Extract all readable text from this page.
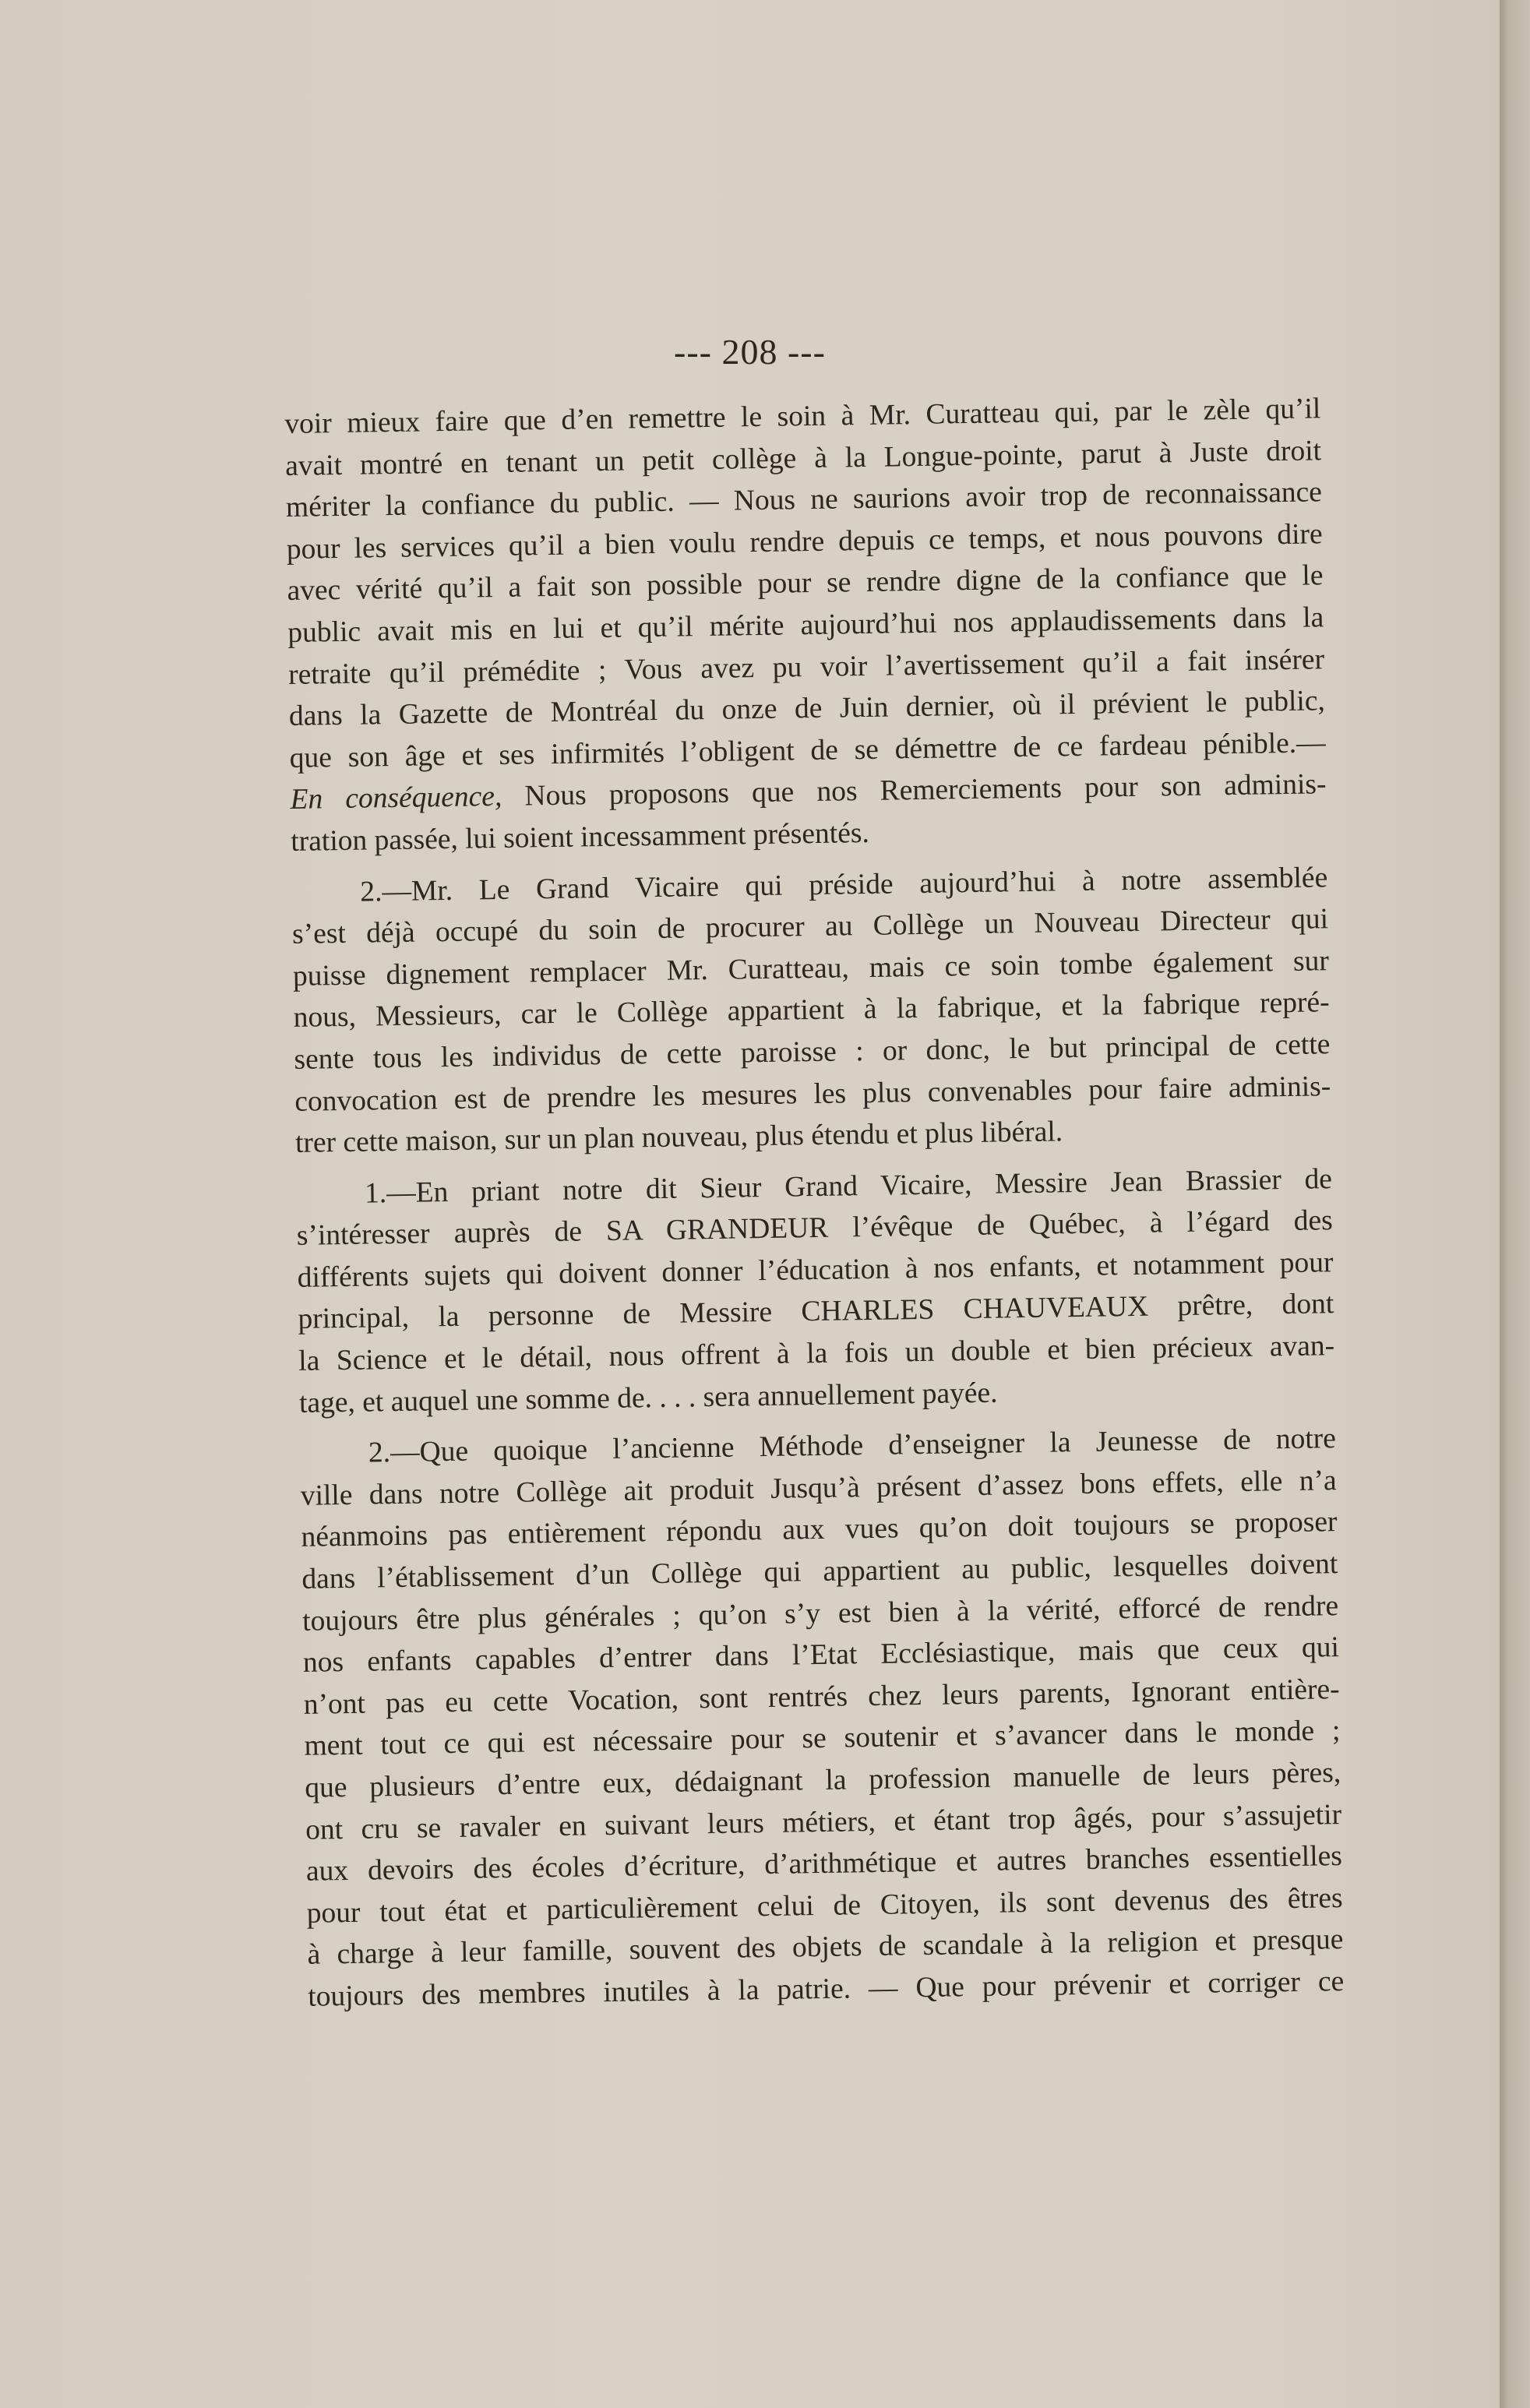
--- 208 ---
voir mieux faire que d’en remettre le soin à Mr. Curatteau qui, par le zèle qu’il
avait montré en tenant un petit collège à la Longue-pointe, parut à Juste droit
mériter la confiance du public. — Nous ne saurions avoir trop de reconnaissance
pour les services qu’il a bien voulu rendre depuis ce temps, et nous pouvons dire
avec vérité qu’il a fait son possible pour se rendre digne de la confiance que le
public avait mis en lui et qu’il mérite aujourd’hui nos applaudissements dans la
retraite qu’il prémédite ; Vous avez pu voir l’avertissement qu’il a fait insérer
dans la Gazette de Montréal du onze de Juin dernier, où il prévient le public,
que son âge et ses infirmités l’obligent de se démettre de ce fardeau pénible.—
En conséquence, Nous proposons que nos Remerciements pour son adminis-
tration passée, lui soient incessamment présentés.
2.—Mr. Le Grand Vicaire qui préside aujourd’hui à notre assemblée
s’est déjà occupé du soin de procurer au Collège un Nouveau Directeur qui
puisse dignement remplacer Mr. Curatteau, mais ce soin tombe également sur
nous, Messieurs, car le Collège appartient à la fabrique, et la fabrique repré-
sente tous les individus de cette paroisse : or donc, le but principal de cette
convocation est de prendre les mesures les plus convenables pour faire adminis-
trer cette maison, sur un plan nouveau, plus étendu et plus libéral.
1.—En priant notre dit Sieur Grand Vicaire, Messire Jean Brassier de
s’intéresser auprès de SA GRANDEUR l’évêque de Québec, à l’égard des
différents sujets qui doivent donner l’éducation à nos enfants, et notamment pour
principal, la personne de Messire CHARLES CHAUVEAUX prêtre, dont
la Science et le détail, nous offrent à la fois un double et bien précieux avan-
tage, et auquel une somme de. . . . sera annuellement payée.
2.—Que quoique l’ancienne Méthode d’enseigner la Jeunesse de notre
ville dans notre Collège ait produit Jusqu’à présent d’assez bons effets, elle n’a
néanmoins pas entièrement répondu aux vues qu’on doit toujours se proposer
dans l’établissement d’un Collège qui appartient au public, lesquelles doivent
toujours être plus générales ; qu’on s’y est bien à la vérité, efforcé de rendre
nos enfants capables d’entrer dans l’Etat Ecclésiastique, mais que ceux qui
n’ont pas eu cette Vocation, sont rentrés chez leurs parents, Ignorant entière-
ment tout ce qui est nécessaire pour se soutenir et s’avancer dans le monde ;
que plusieurs d’entre eux, dédaignant la profession manuelle de leurs pères,
ont cru se ravaler en suivant leurs métiers, et étant trop âgés, pour s’assujetir
aux devoirs des écoles d’écriture, d’arithmétique et autres branches essentielles
pour tout état et particulièrement celui de Citoyen, ils sont devenus des êtres
à charge à leur famille, souvent des objets de scandale à la religion et presque
toujours des membres inutiles à la patrie. — Que pour prévenir et corriger ce
